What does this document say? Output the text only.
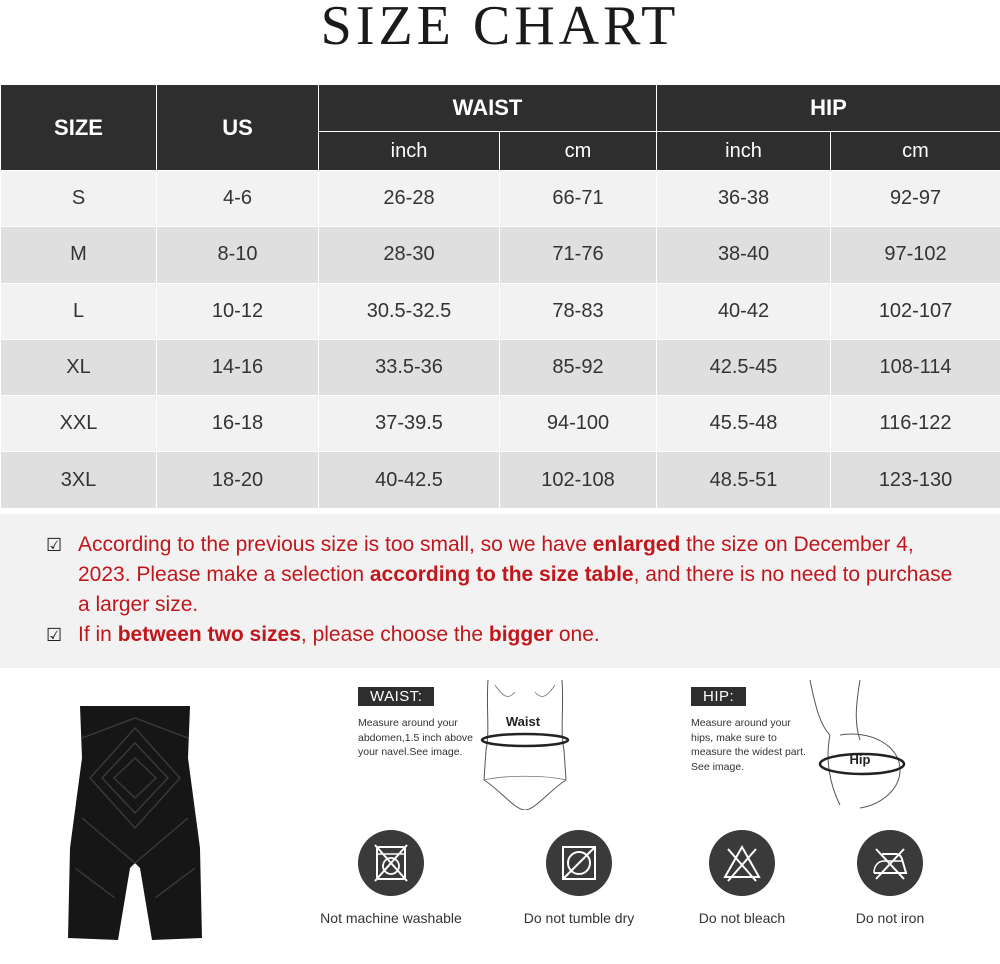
SIZE CHART
SIZE	US	WAIST		HIP	
		inch	cm	inch	cm
S	4-6	26-28	66-71	36-38	92-97
M	8-10	28-30	71-76	38-40	97-102
L	10-12	30.5-32.5	78-83	40-42	102-107
XL	14-16	33.5-36	85-92	42.5-45	108-114
XXL	16-18	37-39.5	94-100	45.5-48	116-122
3XL	18-20	40-42.5	102-108	48.5-51	123-130
☑ According to the previous size is too small, so we have enlarged the size on December 4, 2023. Please make a selection according to the size table, and there is no need to purchase a larger size.
☑ If in between two sizes, please choose the bigger one.
WAIST:
Measure around your
abdomen,1.5 inch above
your navel.See image.
Waist
HIP:
Measure around your
hips, make sure to
measure the widest part.
See image.	Hip
Not machine washable	Do not tumble dry	Do not bleach	Do not iron
